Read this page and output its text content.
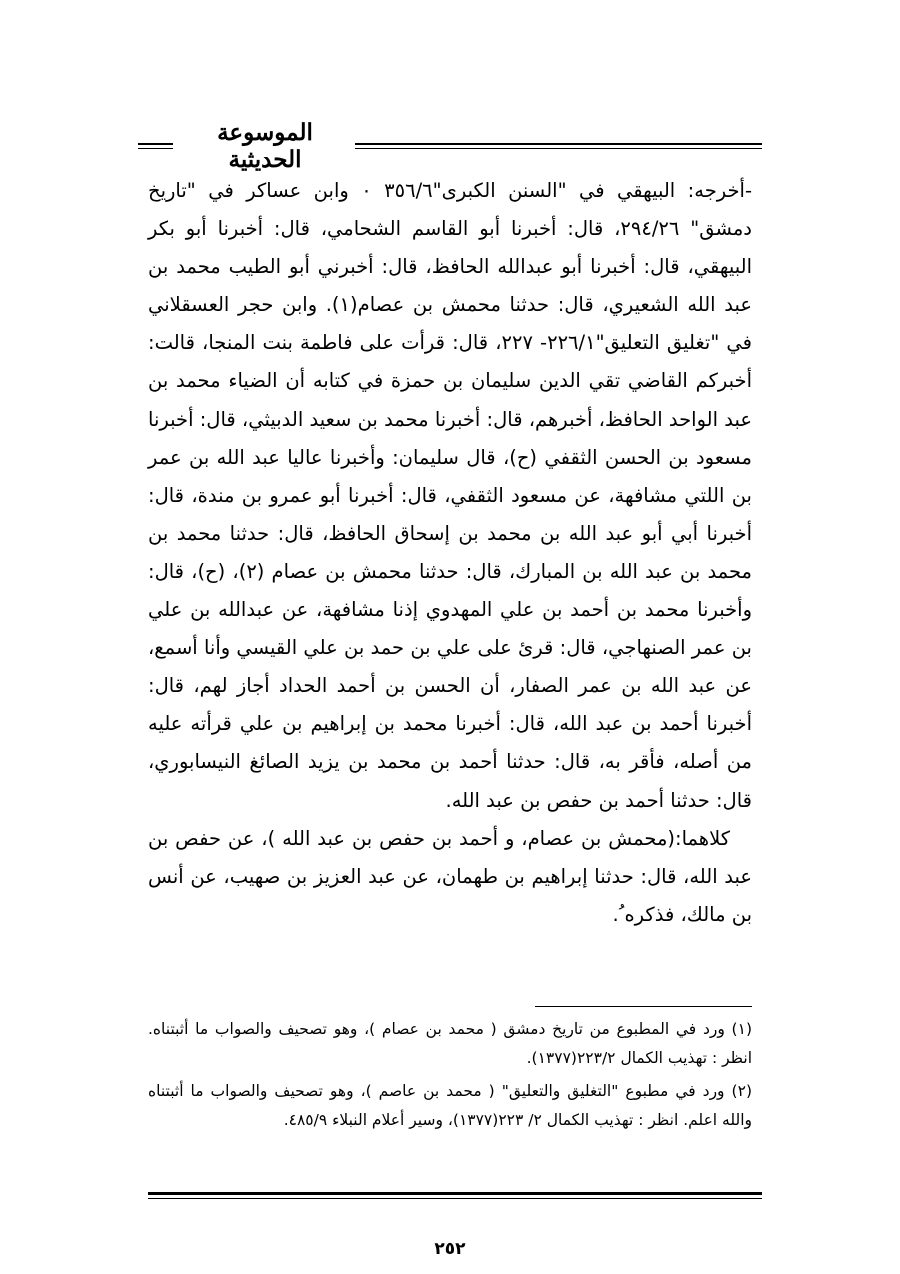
الموسوعة الحديثية

-أخرجه: البيهقي في "السنن الكبرى"٣٥٦/٦ ٠ وابن عساكر في "تاريخ دمشق" ٢٩٤/٢٦، قال: أخبرنا أبو القاسم الشحامي، قال: أخبرنا أبو بكر البيهقي، قال: أخبرنا أبو عبدالله الحافظ، قال: أخبرني أبو الطيب محمد بن عبد الله الشعيري، قال: حدثنا محمش بن عصام(١). وابن حجر العسقلاني في "تغليق التعليق"٢٢٦/١- ٢٢٧، قال: قرأت على فاطمة بنت المنجا، قالت: أخبركم القاضي تقي الدين سليمان بن حمزة في كتابه أن الضياء محمد بن عبد الواحد الحافظ، أخبرهم، قال: أخبرنا محمد بن سعيد الدبيثي، قال: أخبرنا مسعود بن الحسن الثقفي (ح)، قال سليمان: وأخبرنا عاليا عبد الله بن عمر بن اللتي مشافهة، عن مسعود الثقفي، قال: أخبرنا أبو عمرو بن مندة، قال: أخبرنا أبي أبو عبد الله بن محمد بن إسحاق الحافظ، قال: حدثنا محمد بن محمد بن عبد الله بن المبارك، قال: حدثنا محمش بن عصام (٢)، (ح)، قال: وأخبرنا محمد بن أحمد بن علي المهدوي إذنا مشافهة، عن عبدالله بن علي بن عمر الصنهاجي، قال: قرئ على علي بن حمد بن علي القيسي وأنا أسمع، عن عبد الله بن عمر الصفار، أن الحسن بن أحمد الحداد أجاز لهم، قال: أخبرنا أحمد بن عبد الله، قال: أخبرنا محمد بن إبراهيم بن علي قرأته عليه من أصله، فأقر به، قال: حدثنا أحمد بن محمد بن يزيد الصائغ النيسابوري، قال: حدثنا أحمد بن حفص بن عبد الله.

كلاهما:(محمش بن عصام، و أحمد بن حفص بن عبد الله )، عن حفص بن عبد الله، قال: حدثنا إبراهيم بن طهمان، عن عبد العزيز بن صهيب، عن أنس بن مالك، فذكره ُ.

(١) ورد في المطبوع من تاريخ دمشق ( محمد بن عصام )، وهو تصحيف والصواب ما أثبتناه. انظر : تهذيب الكمال ٢٢٣/٢(١٣٧٧).

(٢) ورد في مطبوع "التغليق والتعليق" ( محمد بن عاصم )، وهو تصحيف والصواب ما أثبتناه والله اعلم. انظر : تهذيب الكمال ٢/ ٢٢٣(١٣٧٧)، وسير أعلام النبلاء ٤٨٥/٩.

٢٥٢
